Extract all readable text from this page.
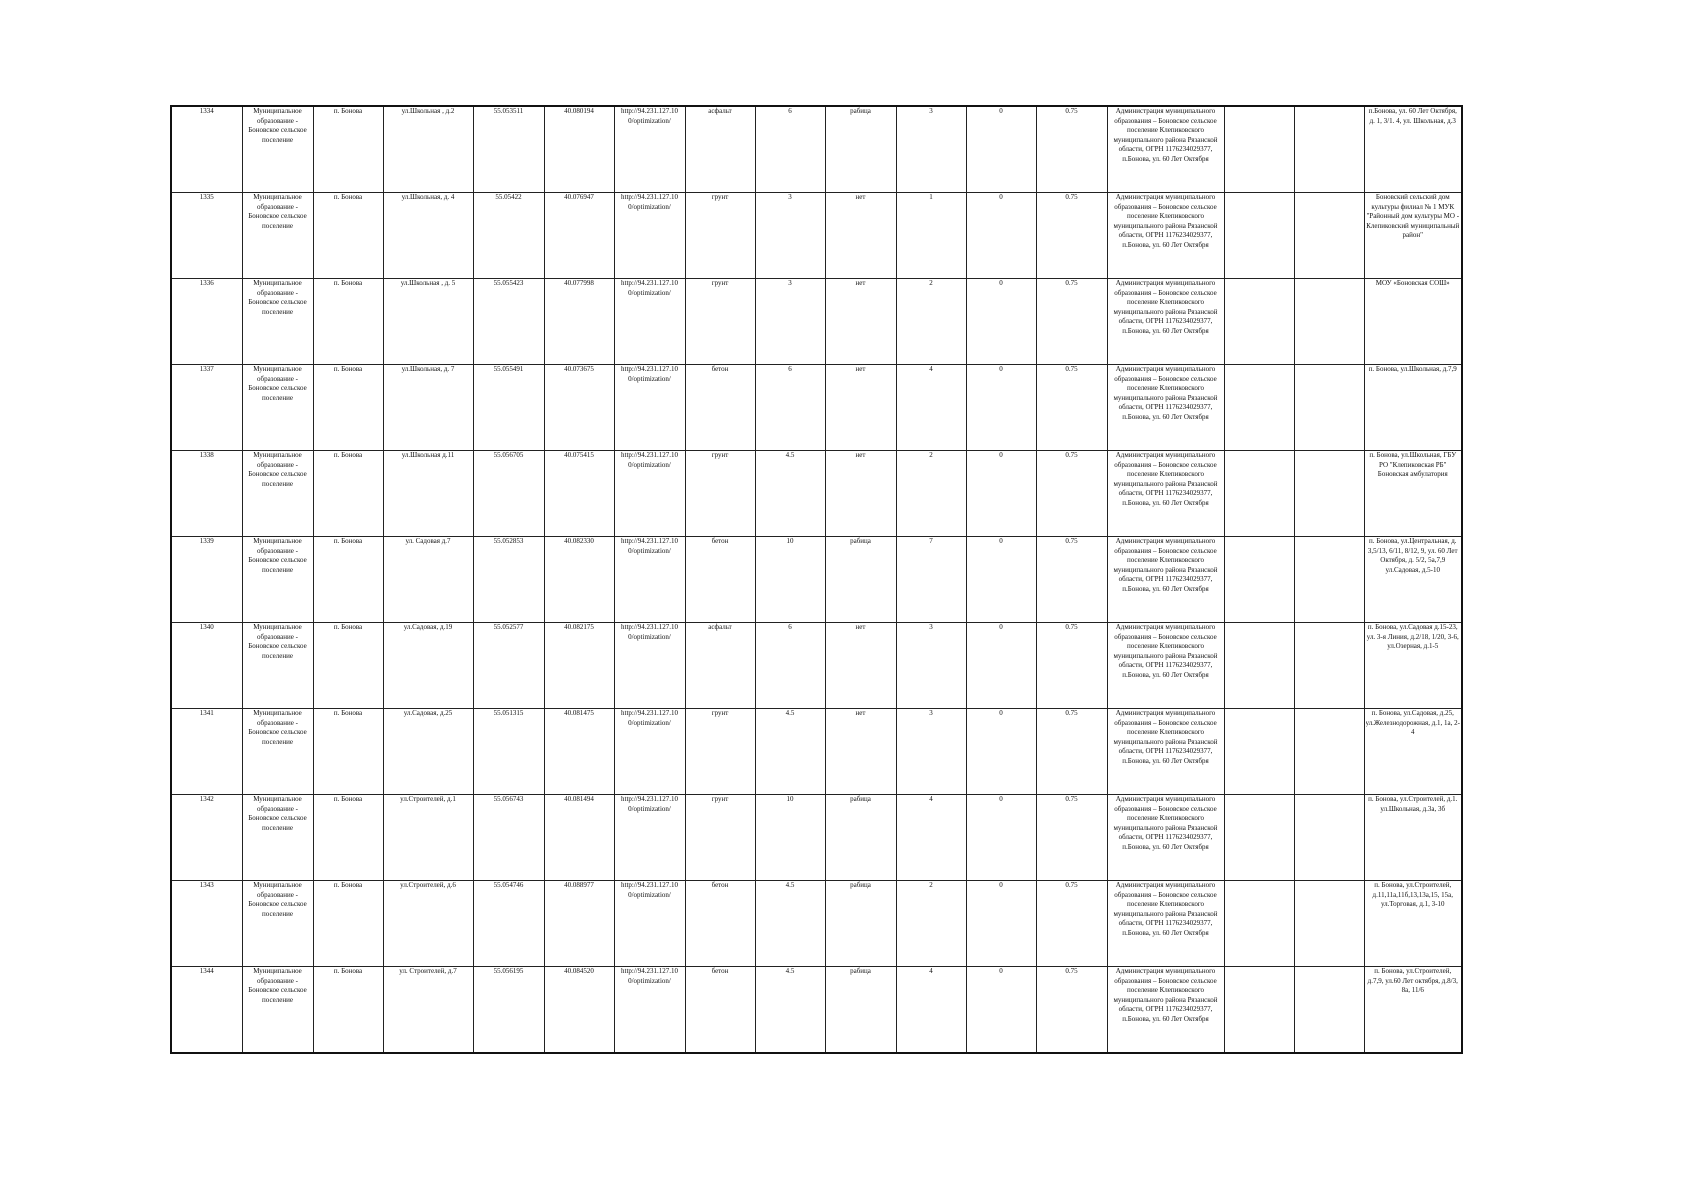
1334	Муниципальное образование - Боновское сельское поселение	п. Бонова	ул.Школьная , д.2	55.053511	40.080194	http://94.231.127.10 0/optimization/	асфальт	6	рабица	3	0	0.75	Администрация муниципального образования – Боновское сельское поселение Клепиковского муниципального района Рязанской области, ОГРН 1176234029377, п.Бонова, ул. 60 Лет Октября			п.Бонова, ул. 60 Лет Октября, д. 1, 3/1. 4, ул. Школьная, д.3

1335	Муниципальное образование - Боновское сельское поселение	п. Бонова	ул.Школьная, д. 4	55.05422	40.076947	http://94.231.127.10 0/optimization/	грунт	3	нет	1	0	0.75	Администрация муниципального образования – Боновское сельское поселение Клепиковского муниципального района Рязанской области, ОГРН 1176234029377, п.Бонова, ул. 60 Лет Октября			Боновский сельский дом культуры филиал № 1 МУК "Районный дом культуры МО - Клепиковский муниципальный район"

1336	Муниципальное образование - Боновское сельское поселение	п. Бонова	ул.Школьная , д. 5	55.055423	40.077998	http://94.231.127.10 0/optimization/	грунт	3	нет	2	0	0.75	Администрация муниципального образования – Боновское сельское поселение Клепиковского муниципального района Рязанской области, ОГРН 1176234029377, п.Бонова, ул. 60 Лет Октября			МОУ «Боновская СОШ»

1337	Муниципальное образование - Боновское сельское поселение	п. Бонова	ул.Школьная, д. 7	55.055491	40.073675	http://94.231.127.10 0/optimization/	бетон	6	нет	4	0	0.75	Администрация муниципального образования – Боновское сельское поселение Клепиковского муниципального района Рязанской области, ОГРН 1176234029377, п.Бонова, ул. 60 Лет Октября			п. Бонова, ул.Школьная, д.7,9

1338	Муниципальное образование - Боновское сельское поселение	п. Бонова	ул.Школьная д.11	55.056705	40.075415	http://94.231.127.10 0/optimization/	грунт	4.5	нет	2	0	0.75	Администрация муниципального образования – Боновское сельское поселение Клепиковского муниципального района Рязанской области, ОГРН 1176234029377, п.Бонова, ул. 60 Лет Октября			п. Бонова, ул.Школьная, ГБУ РО "Клепиковская РБ" Боновская амбулатория

1339	Муниципальное образование - Боновское сельское поселение	п. Бонова	ул. Садовая д.7	55.052853	40.082330	http://94.231.127.10 0/optimization/	бетон	10	рабица	7	0	0.75	Администрация муниципального образования – Боновское сельское поселение Клепиковского муниципального района Рязанской области, ОГРН 1176234029377, п.Бонова, ул. 60 Лет Октября			п. Бонова, ул.Центральная, д. 3,5/13, 6/11, 8/12, 9, ул. 60 Лет Октября, д. 5/2, 5а,7,9 ул.Садовая, д.5-10

1340	Муниципальное образование - Боновское сельское поселение	п. Бонова	ул.Садовая, д.19	55.052577	40.082175	http://94.231.127.10 0/optimization/	асфальт	6	нет	3	0	0.75	Администрация муниципального образования – Боновское сельское поселение Клепиковского муниципального района Рязанской области, ОГРН 1176234029377, п.Бонова, ул. 60 Лет Октября			п. Бонова, ул.Садовая д.15-23, ул. 3-я Линия, д.2/18, 1/20, 3-6, ул.Озерная, д.1-5

1341	Муниципальное образование - Боновское сельское поселение	п. Бонова	ул.Садовая, д.25	55.051315	40.081475	http://94.231.127.10 0/optimization/	грунт	4.5	нет	3	0	0.75	Администрация муниципального образования – Боновское сельское поселение Клепиковского муниципального района Рязанской области, ОГРН 1176234029377, п.Бонова, ул. 60 Лет Октября			п. Бонова, ул.Садовая, д.25, ул.Железнодорожная, д.1, 1а, 2-4

1342	Муниципальное образование - Боновское сельское поселение	п. Бонова	ул.Строителей, д.1	55.056743	40.081494	http://94.231.127.10 0/optimization/	грунт	10	рабица	4	0	0.75	Администрация муниципального образования – Боновское сельское поселение Клепиковского муниципального района Рязанской области, ОГРН 1176234029377, п.Бонова, ул. 60 Лет Октября			п. Бонова, ул.Строителей, д.1. ул.Школьная, д.3а, 3б

1343	Муниципальное образование - Боновское сельское поселение	п. Бонова	ул.Строителей, д.6	55.054746	40.088977	http://94.231.127.10 0/optimization/	бетон	4.5	рабица	2	0	0.75	Администрация муниципального образования – Боновское сельское поселение Клепиковского муниципального района Рязанской области, ОГРН 1176234029377, п.Бонова, ул. 60 Лет Октября			п. Бонова, ул.Строителей, д.11,11а,11б,13,13а,15, 15а, ул.Торговая, д.1, 3-10

1344	Муниципальное образование - Боновское сельское поселение	п. Бонова	ул. Строителей, д.7	55.056195	40.084520	http://94.231.127.10 0/optimization/	бетон	4.5	рабица	4	0	0.75	Администрация муниципального образования – Боновское сельское поселение Клепиковского муниципального района Рязанской области, ОГРН 1176234029377, п.Бонова, ул. 60 Лет Октября			п. Бонова, ул.Строителей, д.7,9, ул.60 Лет октября, д.8/3, 8а, 11/6
